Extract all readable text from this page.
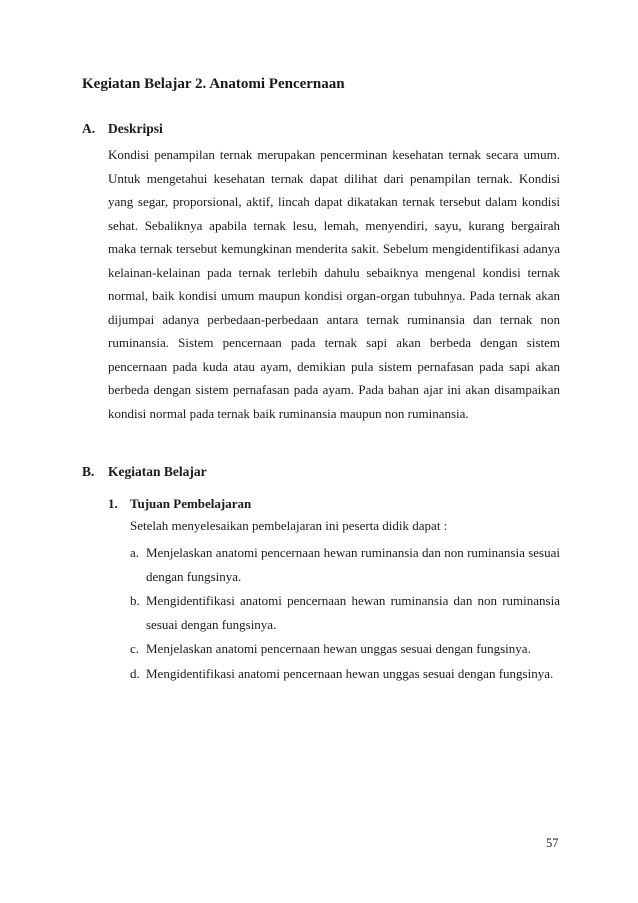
Kegiatan Belajar 2. Anatomi Pencernaan
A. Deskripsi

Kondisi penampilan ternak merupakan pencerminan kesehatan ternak secara umum. Untuk mengetahui kesehatan ternak dapat dilihat dari penampilan ternak. Kondisi yang segar, proporsional, aktif, lincah dapat dikatakan ternak tersebut dalam kondisi sehat. Sebaliknya apabila ternak lesu, lemah, menyendiri, sayu, kurang bergairah maka ternak tersebut kemungkinan menderita sakit. Sebelum mengidentifikasi adanya kelainan-kelainan pada ternak terlebih dahulu sebaiknya mengenal kondisi ternak normal, baik kondisi umum maupun kondisi organ-organ tubuhnya. Pada ternak akan dijumpai adanya perbedaan-perbedaan antara ternak ruminansia dan ternak non ruminansia. Sistem pencernaan pada ternak sapi akan berbeda dengan sistem pencernaan pada kuda atau ayam, demikian pula sistem pernafasan pada sapi akan berbeda dengan sistem pernafasan pada ayam. Pada bahan ajar ini akan disampaikan kondisi normal pada ternak baik ruminansia maupun non ruminansia.

B. Kegiatan Belajar
1. Tujuan Pembelajaran
Setelah menyelesaikan pembelajaran ini peserta didik dapat :
a. Menjelaskan anatomi pencernaan hewan ruminansia dan non ruminansia sesuai dengan fungsinya.
b. Mengidentifikasi anatomi pencernaan hewan ruminansia dan non ruminansia sesuai dengan fungsinya.
c. Menjelaskan anatomi pencernaan hewan unggas sesuai dengan fungsinya.
d. Mengidentifikasi anatomi pencernaan hewan unggas sesuai dengan fungsinya.
57
